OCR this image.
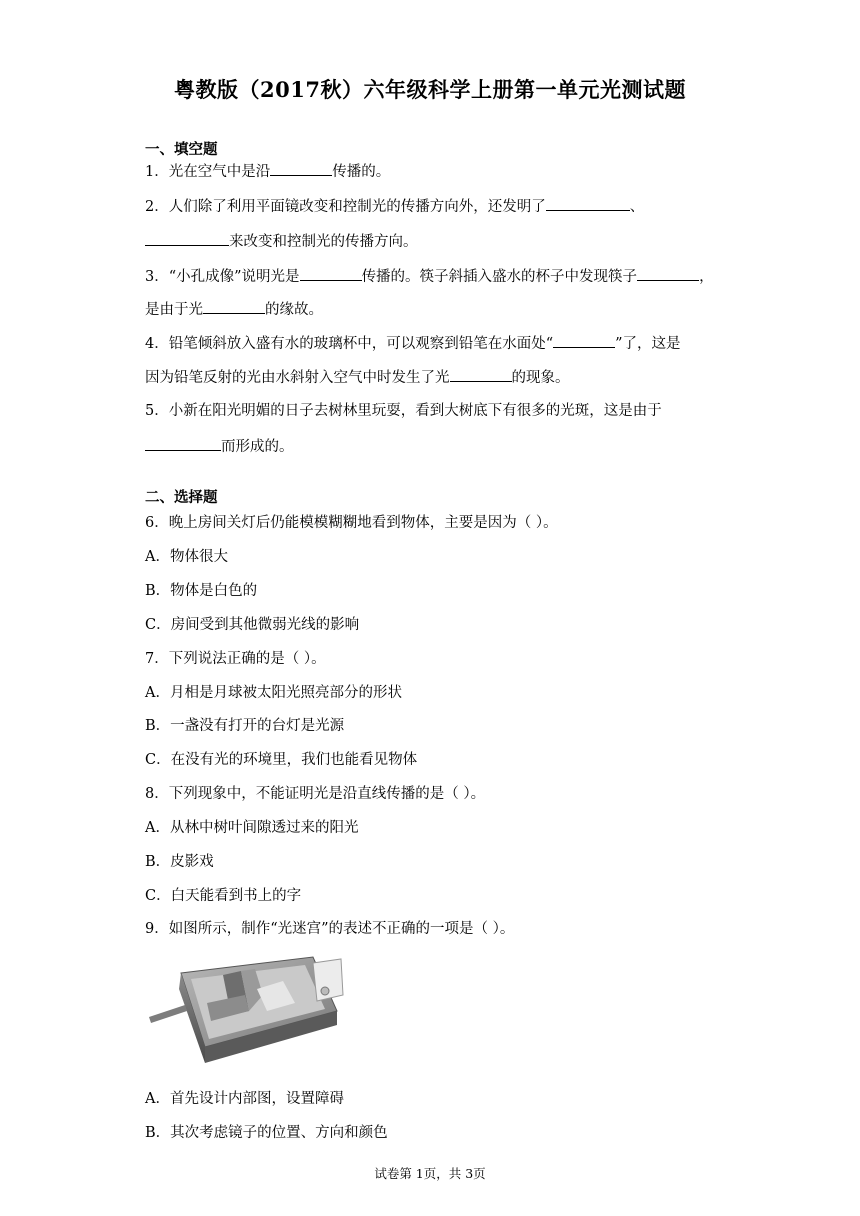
粤教版（2017秋）六年级科学上册第一单元光测试题
一、填空题
1．光在空气中是沿	传播的。
2．人们除了利用平面镜改变和控制光的传播方向外，还发明了	、
来改变和控制光的传播方向。
3．“小孔成像”说明光是	传播的。筷子斜插入盛水的杯子中发现筷子	，
是由于光	的缘故。
4．铅笔倾斜放入盛有水的玻璃杯中，可以观察到铅笔在水面处“	”了，这是
因为铅笔反射的光由水斜射入空气中时发生了光	的现象。
5．小新在阳光明媚的日子去树林里玩耍，看到大树底下有很多的光斑，这是由于
而形成的。
二、选择题
6．晚上房间关灯后仍能模模糊糊地看到物体，主要是因为（ ）。
A．物体很大
B．物体是白色的
C．房间受到其他微弱光线的影响
7．下列说法正确的是（ ）。
A．月相是月球被太阳光照亮部分的形状
B．一盏没有打开的台灯是光源
C．在没有光的环境里，我们也能看见物体
8．下列现象中，不能证明光是沿直线传播的是（ ）。
A．从林中树叶间隙透过来的阳光
B．皮影戏
C．白天能看到书上的字
9．如图所示，制作“光迷宫”的表述不正确的一项是（ ）。
A．首先设计内部图，设置障碍
B．其次考虑镜子的位置、方向和颜色
试卷第 1页，共 3页
